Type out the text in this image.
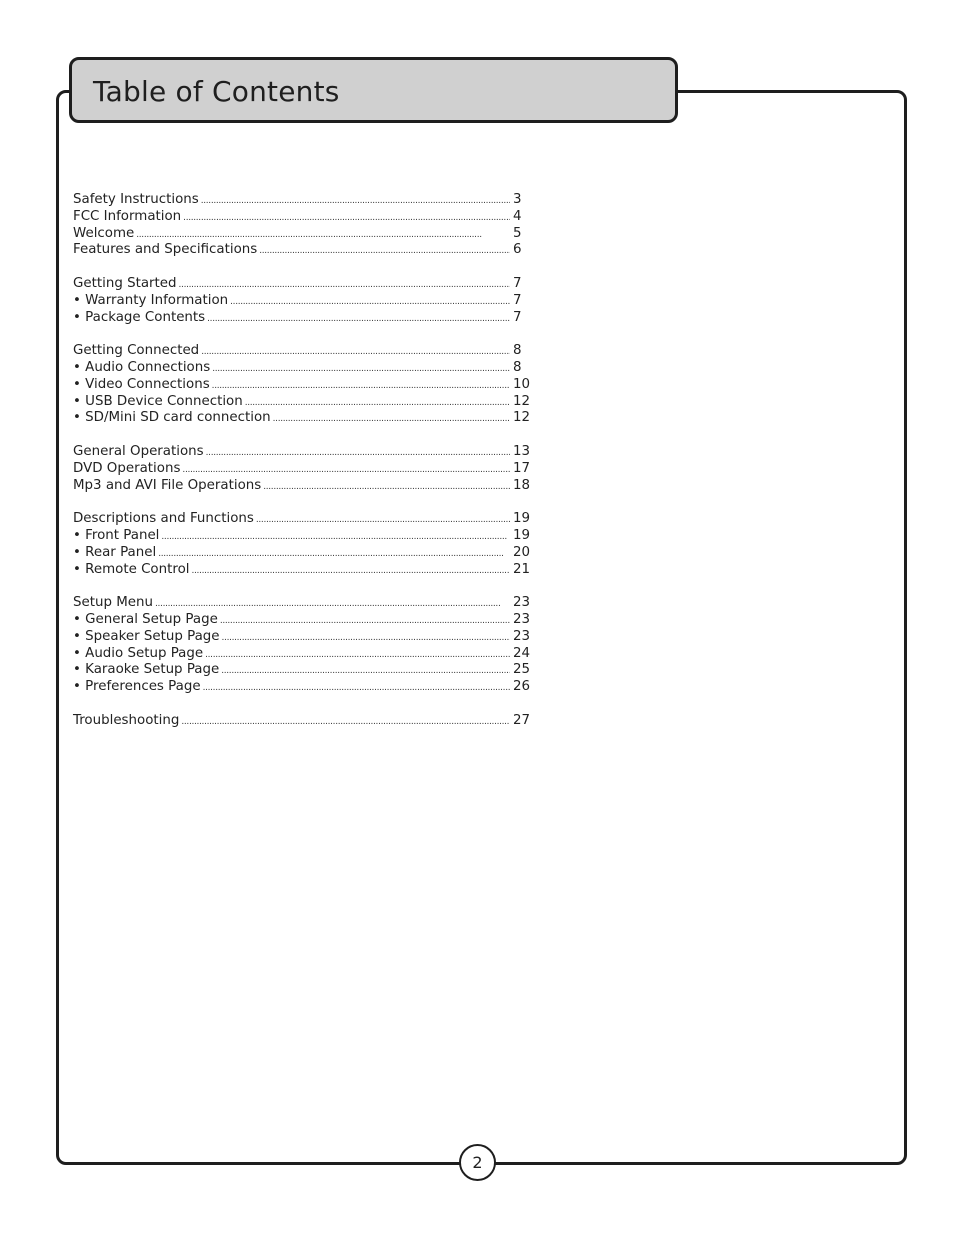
Table of Contents
Safety Instructions . . .	3
FCC Information . . .	4
Welcome . . .	5
Features and Specifications . . .	6
Getting Started . . .	7
• Warranty Information . . .	7
• Package Contents . . .	7
Getting Connected . . .	8
• Audio Connections . . .	8
• Video Connections . . .	10
• USB Device Connection . . .	12
• SD/Mini SD card connection . . .	12
General Operations . . .	13
DVD Operations . . .	17
Mp3 and AVI File Operations . . .	18
Descriptions and Functions . . .	19
• Front Panel . . .	19
• Rear Panel . . .	20
• Remote Control . . .	21
Setup Menu . . .	23
• General Setup Page . . .	23
• Speaker Setup Page . . .	23
• Audio Setup Page . . .	24
• Karaoke Setup Page . . .	25
• Preferences Page . . .	26
Troubleshooting . . .	27
2
